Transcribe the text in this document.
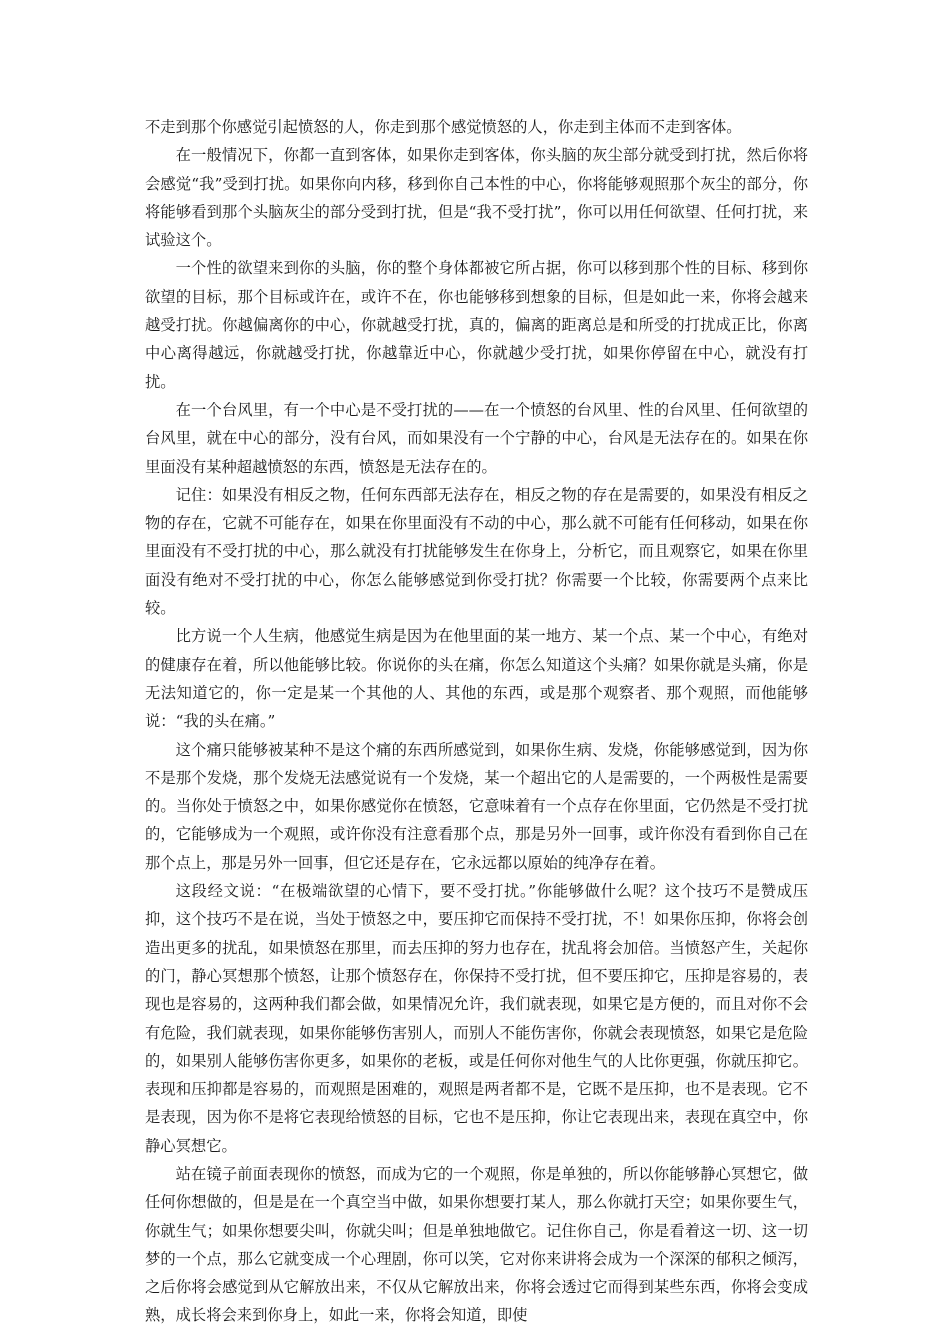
不走到那个你感觉引起愤怒的人，你走到那个感觉愤怒的人，你走到主体而不走到客体。

在一般情况下，你都一直到客体，如果你走到客体，你头脑的灰尘部分就受到打扰，然后你将会感觉“我”受到打扰。如果你向内移，移到你自己本性的中心，你将能够观照那个灰尘的部分，你将能够看到那个头脑灰尘的部分受到打扰，但是“我不受打扰”，你可以用任何欲望、任何打扰，来试验这个。

一个性的欲望来到你的头脑，你的整个身体都被它所占据，你可以移到那个性的目标、移到你欲望的目标，那个目标或许在，或许不在，你也能够移到想象的目标，但是如此一来，你将会越来越受打扰。你越偏离你的中心，你就越受打扰，真的，偏离的距离总是和所受的打扰成正比，你离中心离得越远，你就越受打扰，你越靠近中心，你就越少受打扰，如果你停留在中心，就没有打扰。

在一个台风里，有一个中心是不受打扰的——在一个愤怒的台风里、性的台风里、任何欲望的台风里，就在中心的部分，没有台风，而如果没有一个宁静的中心，台风是无法存在的。如果在你里面没有某种超越愤怒的东西，愤怒是无法存在的。

记住：如果没有相反之物，任何东西部无法存在，相反之物的存在是需要的，如果没有相反之物的存在，它就不可能存在，如果在你里面没有不动的中心，那么就不可能有任何移动，如果在你里面没有不受打扰的中心，那么就没有打扰能够发生在你身上，分析它，而且观察它，如果在你里面没有绝对不受打扰的中心，你怎么能够感觉到你受打扰？你需要一个比较，你需要两个点来比较。

比方说一个人生病，他感觉生病是因为在他里面的某一地方、某一个点、某一个中心，有绝对的健康存在着，所以他能够比较。你说你的头在痛，你怎么知道这个头痛？如果你就是头痛，你是无法知道它的，你一定是某一个其他的人、其他的东西，或是那个观察者、那个观照，而他能够说：“我的头在痛。”

这个痛只能够被某种不是这个痛的东西所感觉到，如果你生病、发烧，你能够感觉到，因为你不是那个发烧，那个发烧无法感觉说有一个发烧，某一个超出它的人是需要的，一个两极性是需要的。当你处于愤怒之中，如果你感觉你在愤怒，它意味着有一个点存在你里面，它仍然是不受打扰的，它能够成为一个观照，或许你没有注意看那个点，那是另外一回事，或许你没有看到你自己在那个点上，那是另外一回事，但它还是存在，它永远都以原始的纯净存在着。

这段经文说：“在极端欲望的心情下，要不受打扰。”你能够做什么呢？这个技巧不是赞成压抑，这个技巧不是在说，当处于愤怒之中，要压抑它而保持不受打扰，不！如果你压抑，你将会创造出更多的扰乱，如果愤怒在那里，而去压抑的努力也存在，扰乱将会加倍。当愤怒产生，关起你的门，静心冥想那个愤怒，让那个愤怒存在，你保持不受打扰，但不要压抑它，压抑是容易的，表现也是容易的，这两种我们都会做，如果情况允许，我们就表现，如果它是方便的，而且对你不会有危险，我们就表现，如果你能够伤害别人，而别人不能伤害你，你就会表现愤怒，如果它是危险的，如果别人能够伤害你更多，如果你的老板，或是任何你对他生气的人比你更强，你就压抑它。表现和压抑都是容易的，而观照是困难的，观照是两者都不是，它既不是压抑，也不是表现。它不是表现，因为你不是将它表现给愤怒的目标，它也不是压抑，你让它表现出来，表现在真空中，你静心冥想它。

站在镜子前面表现你的愤怒，而成为它的一个观照，你是单独的，所以你能够静心冥想它，做任何你想做的，但是是在一个真空当中做，如果你想要打某人，那么你就打天空；如果你要生气，你就生气；如果你想要尖叫，你就尖叫；但是单独地做它。记住你自己，你是看着这一切、这一切梦的一个点，那么它就变成一个心理剧，你可以笑，它对你来讲将会成为一个深深的郁积之倾泻，之后你将会感觉到从它解放出来，不仅从它解放出来，你将会透过它而得到某些东西，你将会变成熟，成长将会来到你身上，如此一来，你将会知道，即使
